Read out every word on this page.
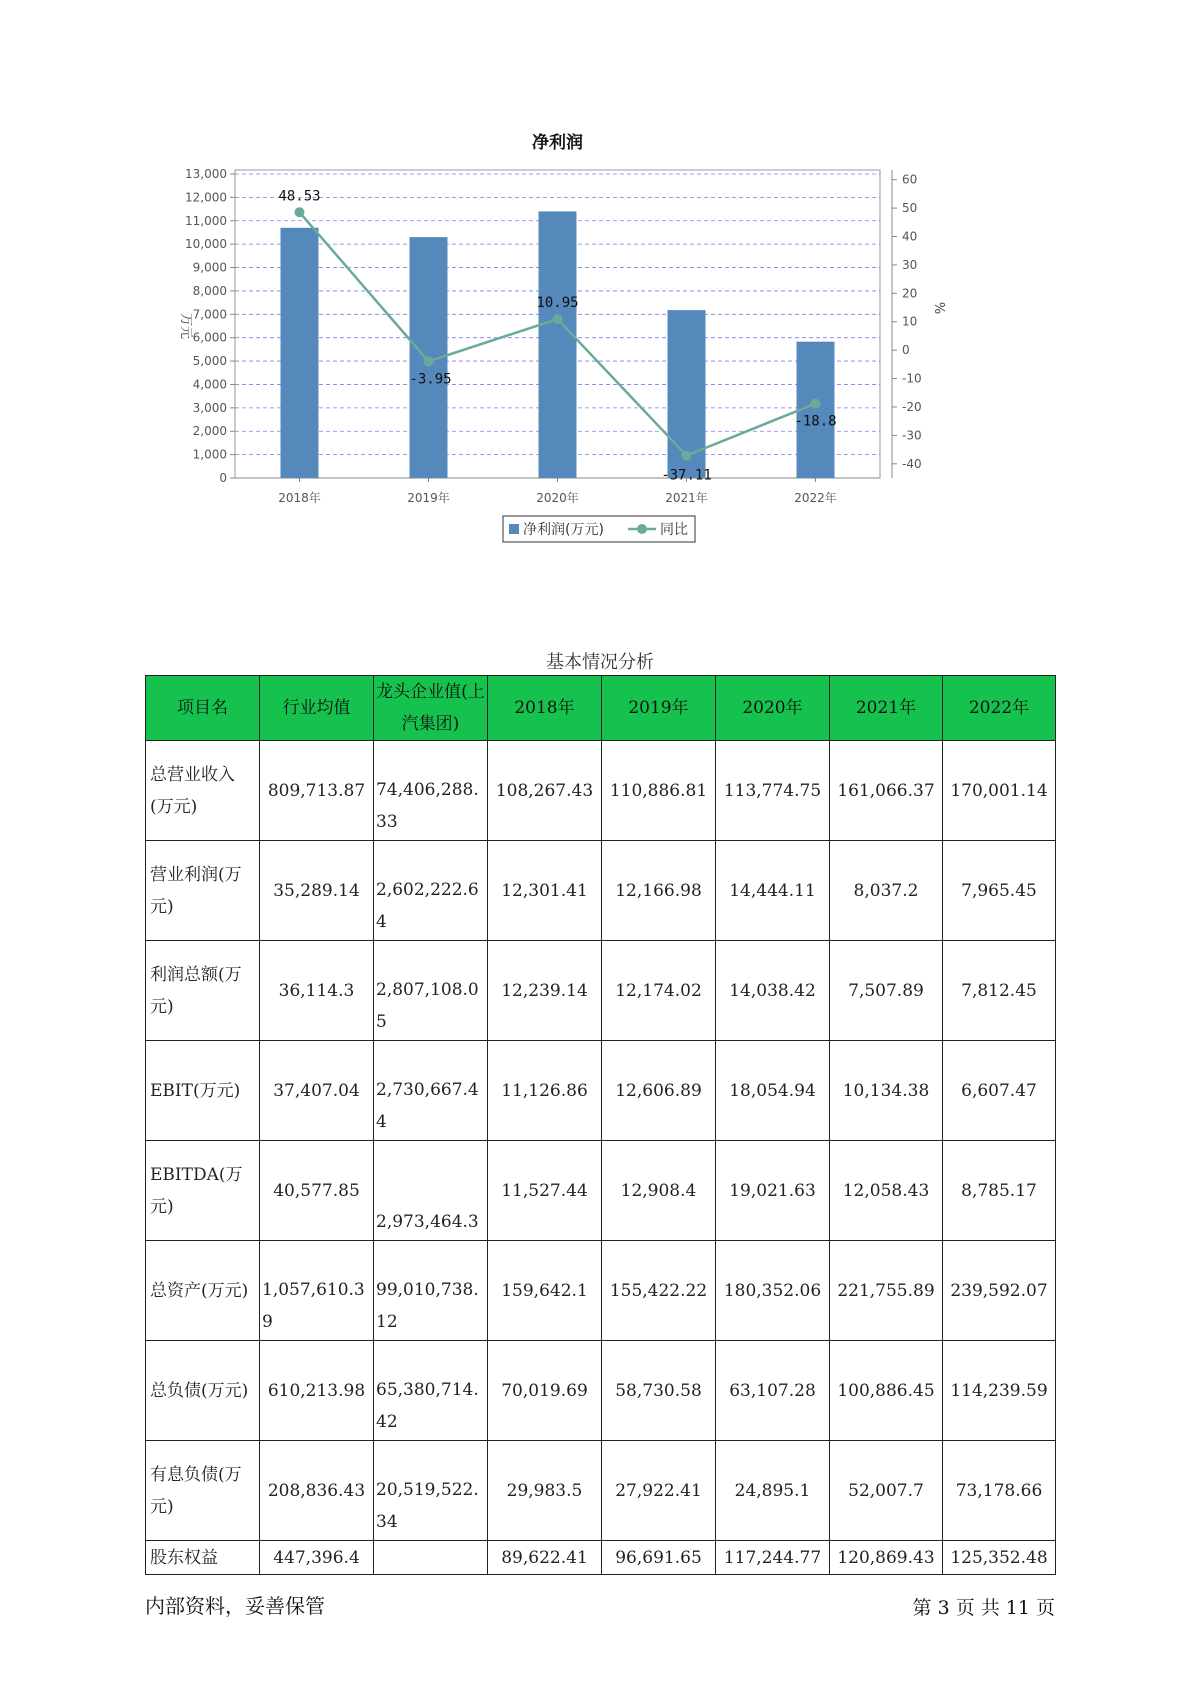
净利润
0
1,000
2,000
3,000
4,000
5,000
6,000
7,000
8,000
9,000
10,000
11,000
12,000
13,000
-40
-30
-20
-10
0
10
20
30
40
50
60
万元
%
2018年	2019年	2020年	2021年	2022年
48.53
-3.95
10.95
-37.11
-18.8
净利润(万元)	同比
基本情况分析
项目名	行业均值	龙头企业值(上汽集团)	2018年	2019年	2020年	2021年	2022年
总营业收入(万元)	809,713.87	74,406,288.33	108,267.43	110,886.81	113,774.75	161,066.37	170,001.14
营业利润(万元)	35,289.14	2,602,222.64	12,301.41	12,166.98	14,444.11	8,037.2	7,965.45
利润总额(万元)	36,114.3	2,807,108.05	12,239.14	12,174.02	14,038.42	7,507.89	7,812.45
EBIT(万元)	37,407.04	2,730,667.44	11,126.86	12,606.89	18,054.94	10,134.38	6,607.47
EBITDA(万元)	40,577.85	2,973,464.3	11,527.44	12,908.4	19,021.63	12,058.43	8,785.17
总资产(万元)	1,057,610.39	99,010,738.12	159,642.1	155,422.22	180,352.06	221,755.89	239,592.07
总负债(万元)	610,213.98	65,380,714.42	70,019.69	58,730.58	63,107.28	100,886.45	114,239.59
有息负债(万元)	208,836.43	20,519,522.34	29,983.5	27,922.41	24,895.1	52,007.7	73,178.66
股东权益	447,396.4		89,622.41	96,691.65	117,244.77	120,869.43	125,352.48
内部资料，妥善保管	第 3 页 共 11 页
